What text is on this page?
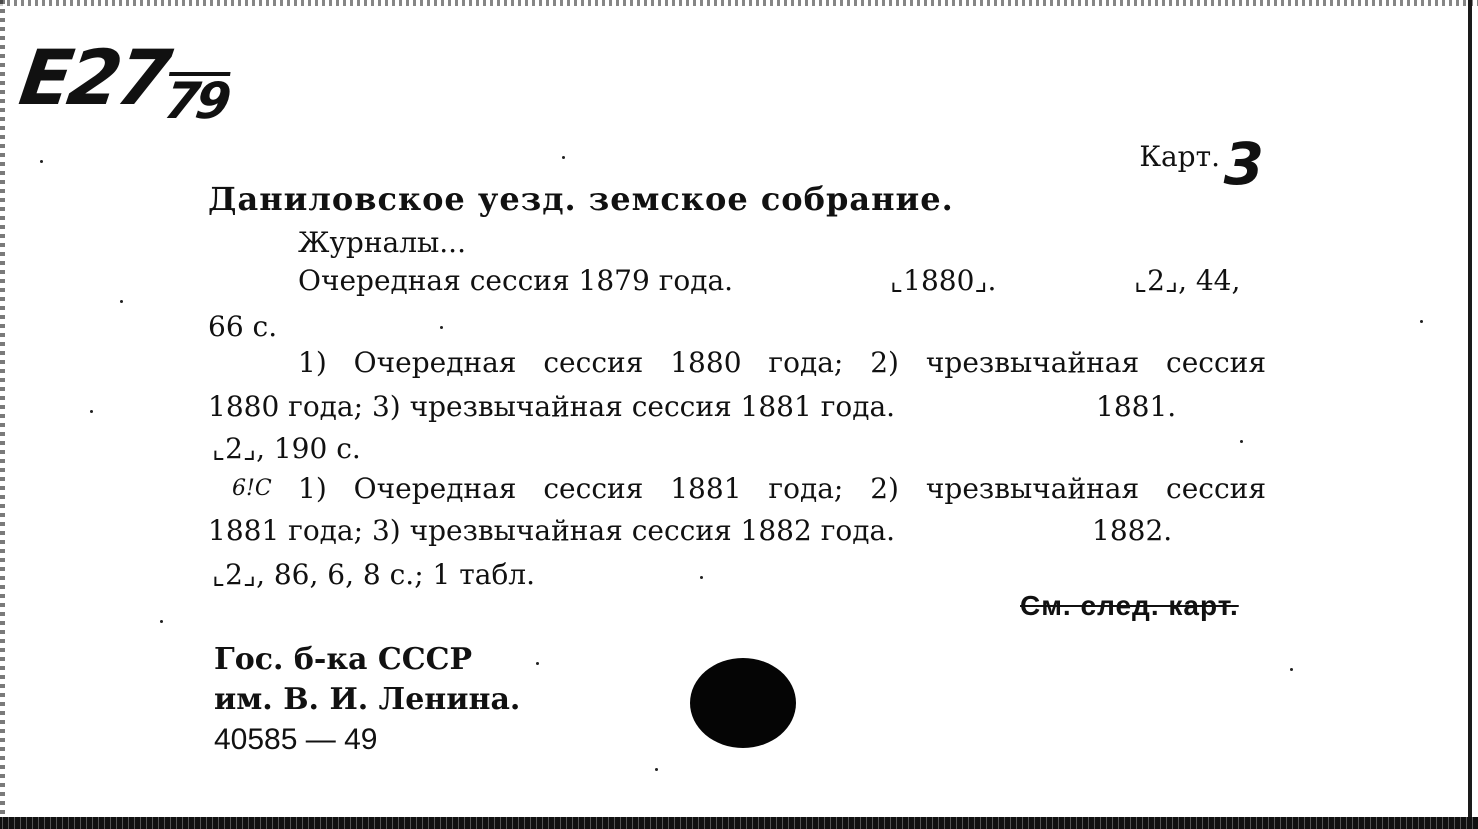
E2779
Карт. 3
Даниловское уезд. земское собрание.
Журналы...
Очередная сессия 1879 года.	⌞1880⌟.	⌞2⌟, 44,
66 с.
1) Очередная сессия 1880 года; 2) чрезвычайная сессия
1880 года; 3) чрезвычайная сессия 1881 года.	1881.
⌞2⌟, 190 с.
6!C 1) Очередная сессия 1881 года; 2) чрезвычайная сессия
1881 года; 3) чрезвычайная сессия 1882 года.	1882.
⌞2⌟, 86, 6, 8 с.; 1 табл.
См. след. карт.
Гос. б-ка СССР
им. В. И. Ленина.
40585 — 49
